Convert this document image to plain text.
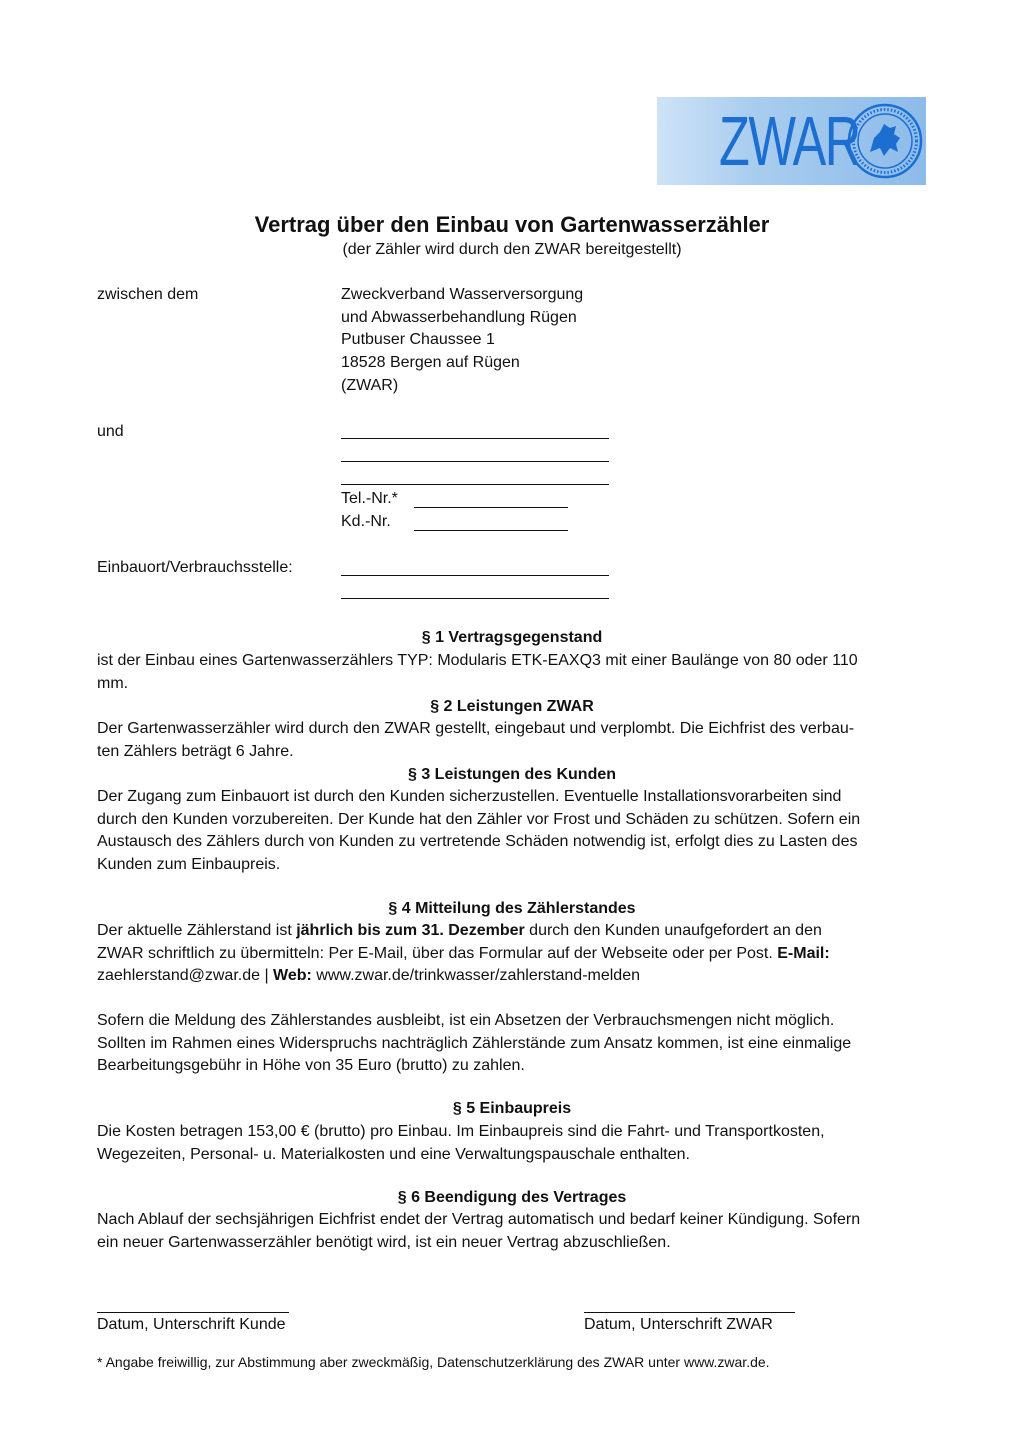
ZWAR
Vertrag über den Einbau von Gartenwasserzähler
(der Zähler wird durch den ZWAR bereitgestellt)
zwischen dem	Zweckverband Wasserversorgung
und Abwasserbehandlung Rügen
Putbuser Chaussee 1
18528 Bergen auf Rügen
(ZWAR)
und
Tel.-Nr.*
Kd.-Nr.
Einbauort/Verbrauchsstelle:
§ 1 Vertragsgegenstand
ist der Einbau eines Gartenwasserzählers TYP: Modularis ETK-EAXQ3 mit einer Baulänge von 80 oder 110
mm.
§ 2 Leistungen ZWAR
Der Gartenwasserzähler wird durch den ZWAR gestellt, eingebaut und verplombt. Die Eichfrist des verbau-
ten Zählers beträgt 6 Jahre.
§ 3 Leistungen des Kunden
Der Zugang zum Einbauort ist durch den Kunden sicherzustellen. Eventuelle Installationsvorarbeiten sind
durch den Kunden vorzubereiten. Der Kunde hat den Zähler vor Frost und Schäden zu schützen. Sofern ein
Austausch des Zählers durch von Kunden zu vertretende Schäden notwendig ist, erfolgt dies zu Lasten des
Kunden zum Einbaupreis.
§ 4 Mitteilung des Zählerstandes
Der aktuelle Zählerstand ist jährlich bis zum 31. Dezember durch den Kunden unaufgefordert an den
ZWAR schriftlich zu übermitteln: Per E-Mail, über das Formular auf der Webseite oder per Post. E-Mail:
zaehlerstand@zwar.de | Web: www.zwar.de/trinkwasser/zahlerstand-melden
Sofern die Meldung des Zählerstandes ausbleibt, ist ein Absetzen der Verbrauchsmengen nicht möglich.
Sollten im Rahmen eines Widerspruchs nachträglich Zählerstände zum Ansatz kommen, ist eine einmalige
Bearbeitungsgebühr in Höhe von 35 Euro (brutto) zu zahlen.
§ 5 Einbaupreis
Die Kosten betragen 153,00 € (brutto) pro Einbau. Im Einbaupreis sind die Fahrt- und Transportkosten,
Wegezeiten, Personal- u. Materialkosten und eine Verwaltungspauschale enthalten.
§ 6 Beendigung des Vertrages
Nach Ablauf der sechsjährigen Eichfrist endet der Vertrag automatisch und bedarf keiner Kündigung. Sofern
ein neuer Gartenwasserzähler benötigt wird, ist ein neuer Vertrag abzuschließen.
Datum, Unterschrift Kunde	Datum, Unterschrift ZWAR
* Angabe freiwillig, zur Abstimmung aber zweckmäßig, Datenschutzerklärung des ZWAR unter www.zwar.de.
